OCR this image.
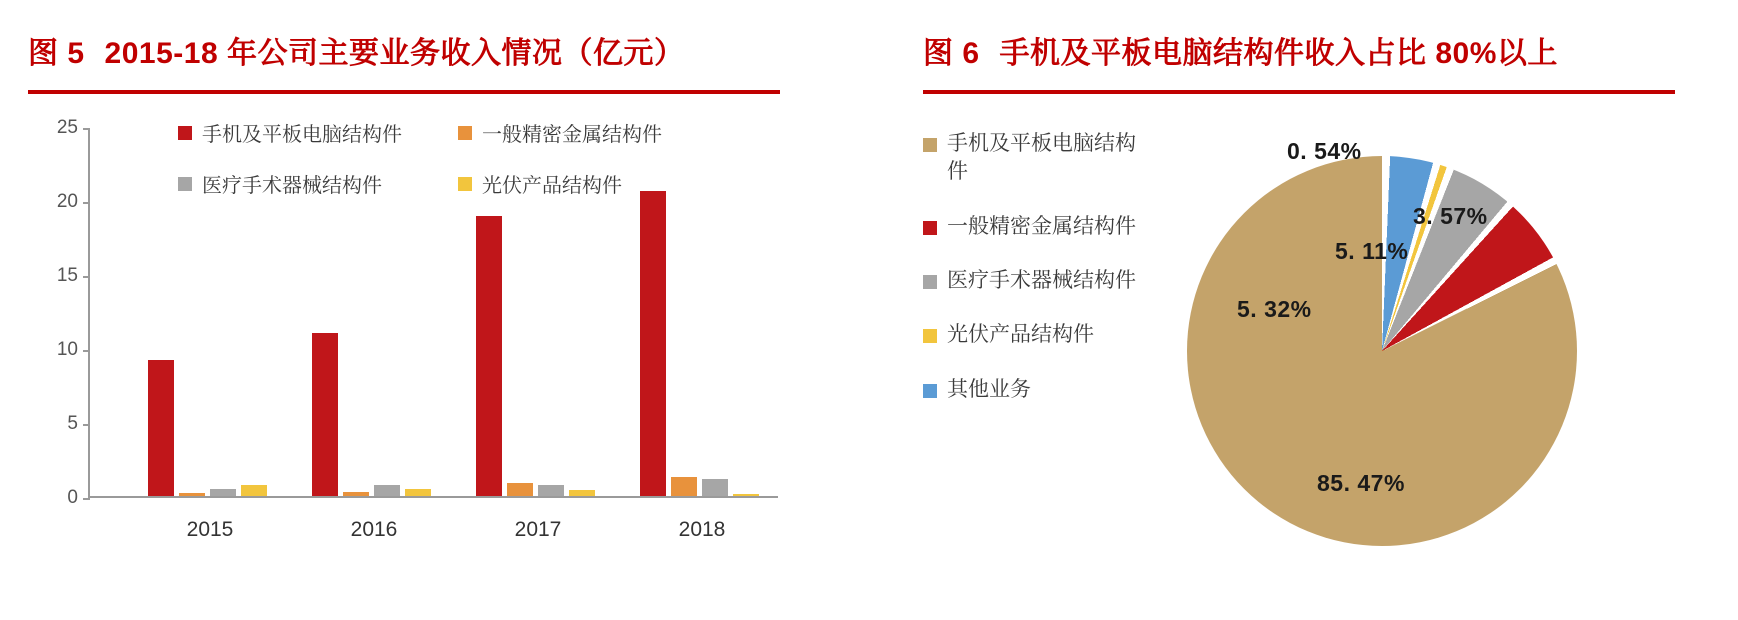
图 5 2015-18 年公司主要业务收入情况（亿元）
手机及平板电脑结构件	一般精密金属结构件
医疗手术器械结构件	光伏产品结构件
25
20
15
10
5
0
2015	2016	2017	2018
图 6 手机及平板电脑结构件收入占比 80%以上
手机及平板电脑结构件
一般精密金属结构件
医疗手术器械结构件
光伏产品结构件
其他业务
0. 54%
3. 57%
5. 11%
5. 32%
85. 47%
